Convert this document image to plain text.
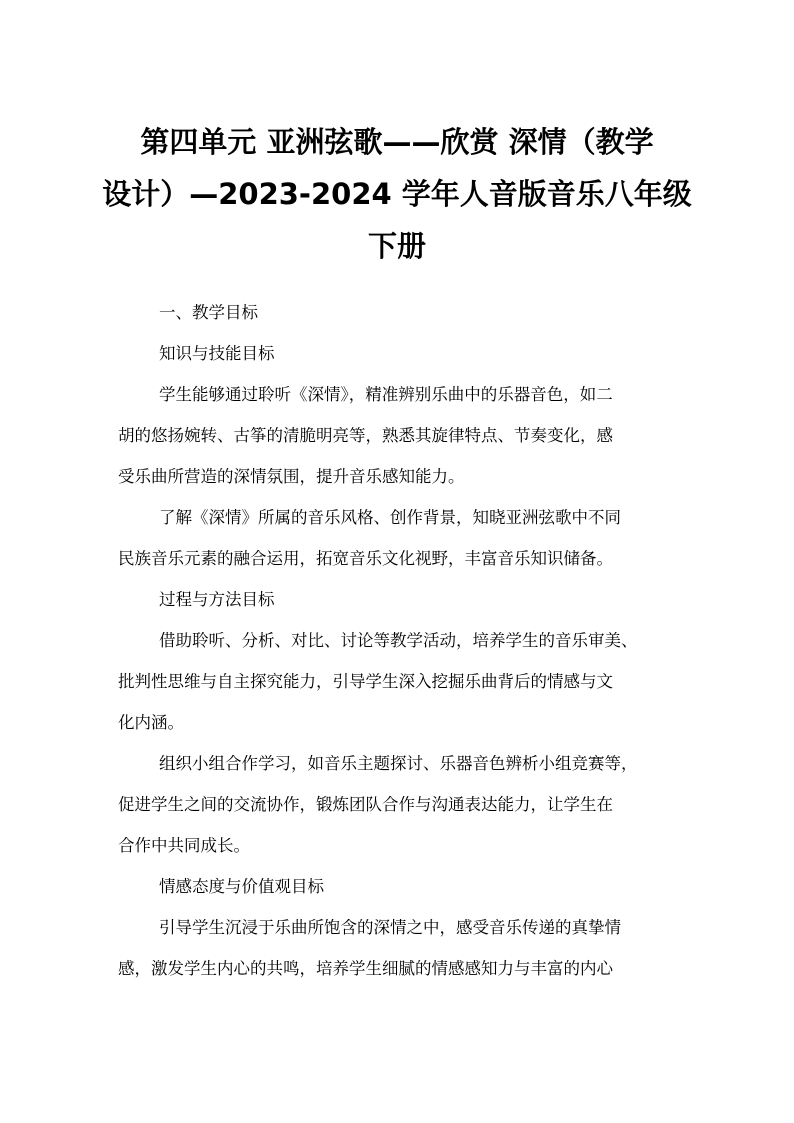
第四单元 亚洲弦歌——欣赏 深情（教学
设计）—2023-2024 学年人音版音乐八年级
下册

一、教学目标

知识与技能目标

学生能够通过聆听《深情》，精准辨别乐曲中的乐器音色，如二

胡的悠扬婉转、古筝的清脆明亮等，熟悉其旋律特点、节奏变化，感

受乐曲所营造的深情氛围，提升音乐感知能力。

了解《深情》所属的音乐风格、创作背景，知晓亚洲弦歌中不同

民族音乐元素的融合运用，拓宽音乐文化视野，丰富音乐知识储备。

过程与方法目标

借助聆听、分析、对比、讨论等教学活动，培养学生的音乐审美、

批判性思维与自主探究能力，引导学生深入挖掘乐曲背后的情感与文

化内涵。

组织小组合作学习，如音乐主题探讨、乐器音色辨析小组竞赛等，

促进学生之间的交流协作，锻炼团队合作与沟通表达能力，让学生在

合作中共同成长。

情感态度与价值观目标

引导学生沉浸于乐曲所饱含的深情之中，感受音乐传递的真挚情

感，激发学生内心的共鸣，培养学生细腻的情感感知力与丰富的内心
